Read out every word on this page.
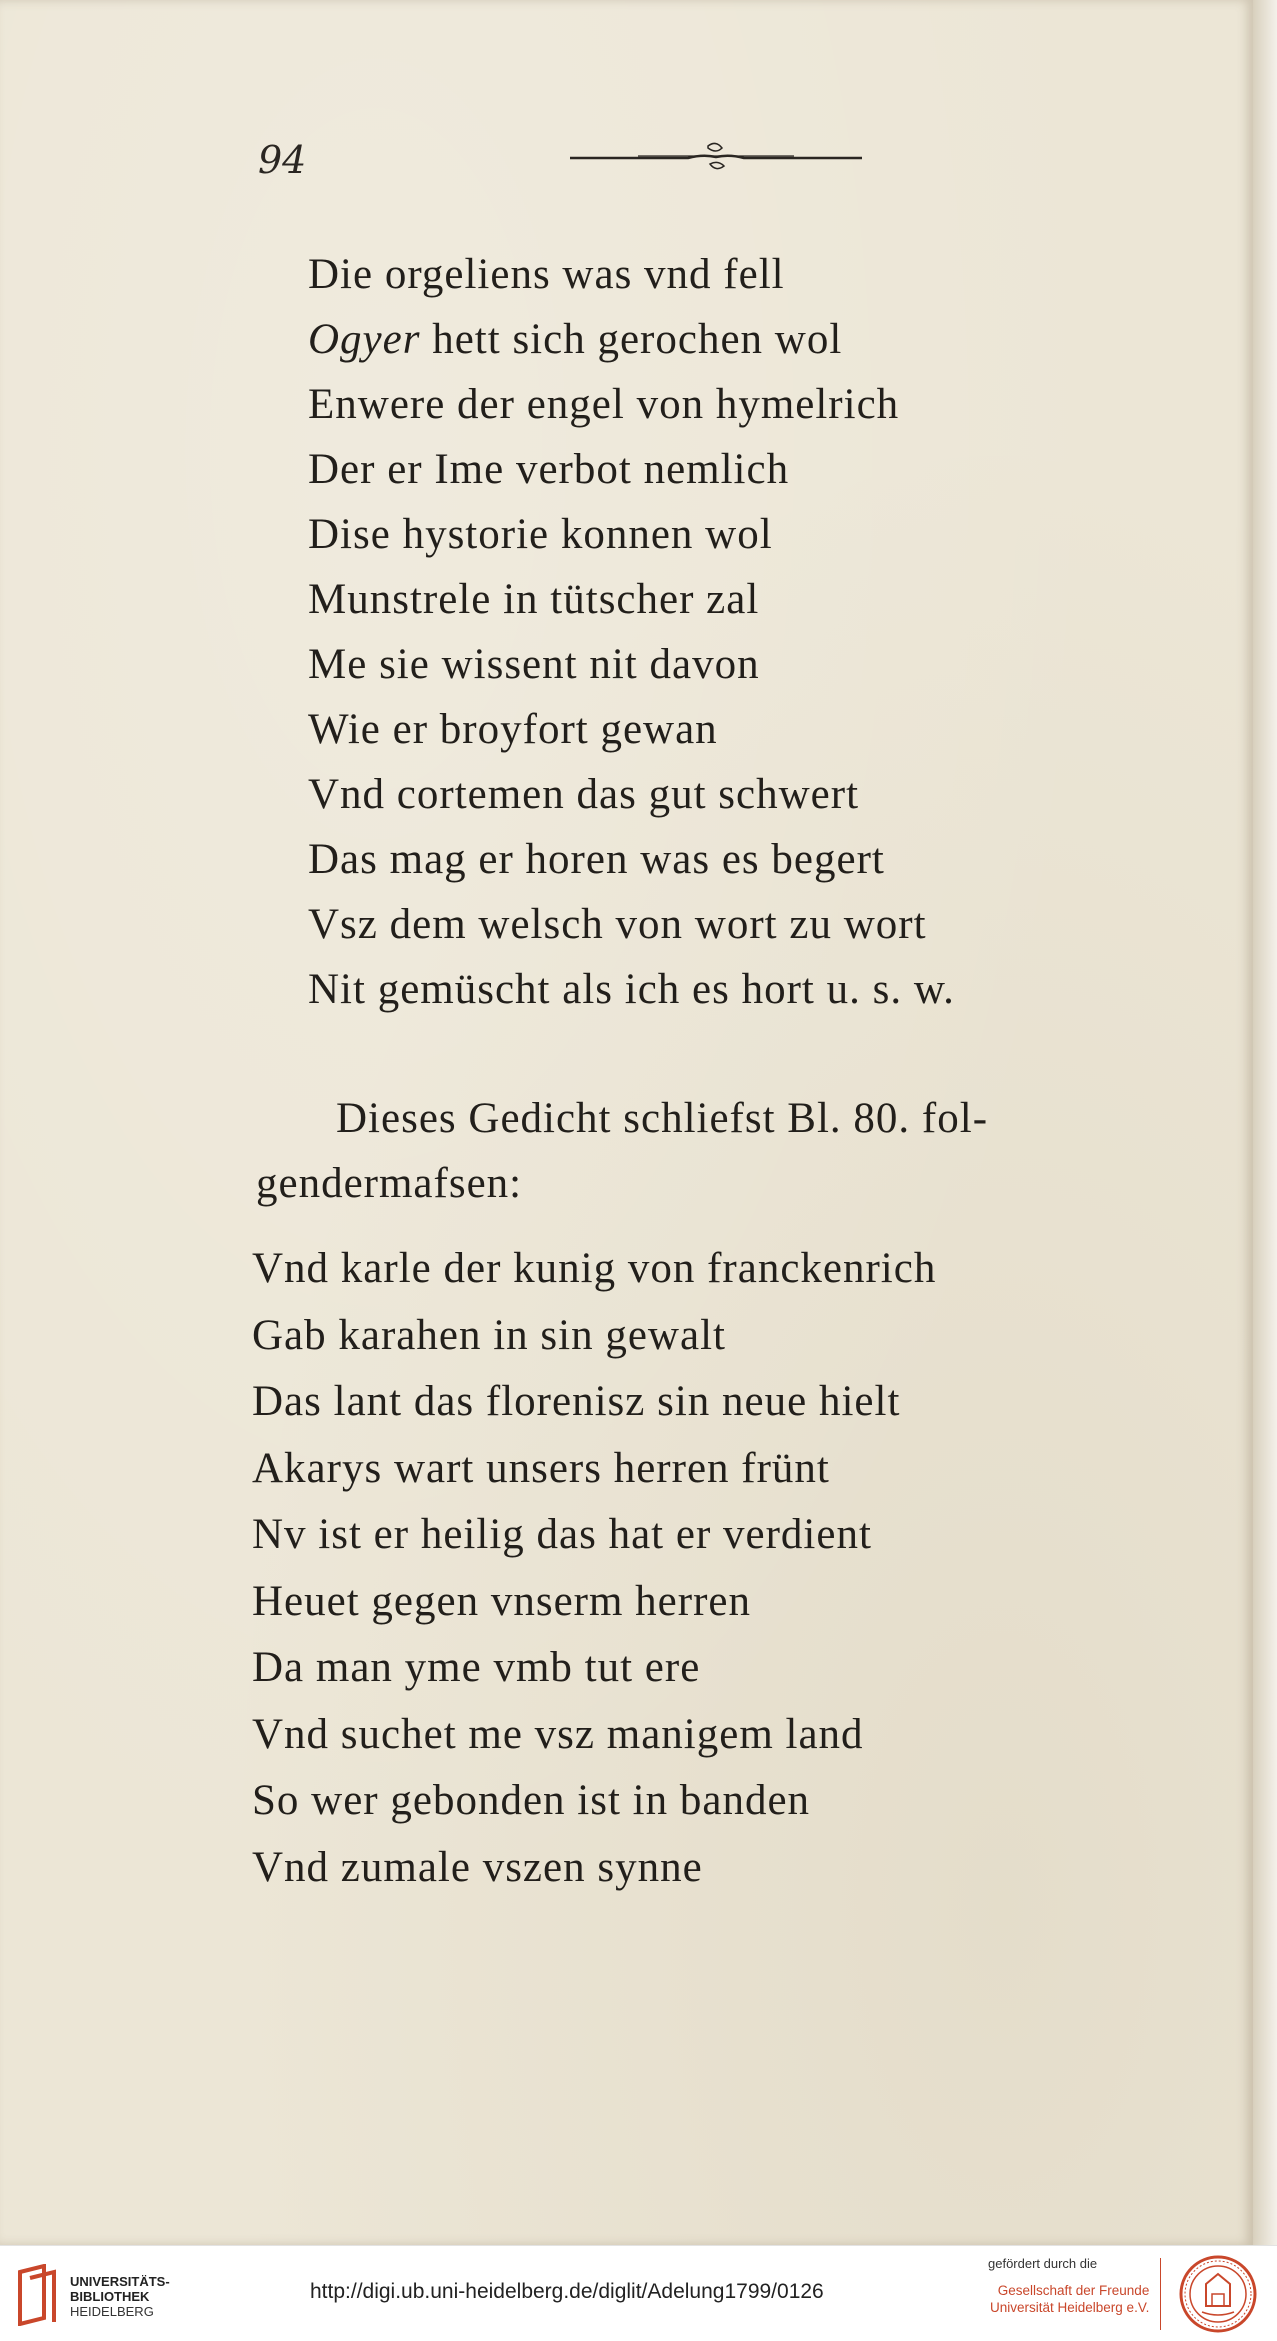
94
Die orgeliens was vnd fell
Ogyer hett sich gerochen wol
Enwere der engel von hymelrich
Der er Ime verbot nemlich
Dise hystorie konnen wol
Munstrele in tütscher zal
Me sie wissent nit davon
Wie er broyfort gewan
Vnd cortemen das gut schwert
Das mag er horen was es begert
Vsz dem welsch von wort zu wort
Nit gemüscht als ich es hort u. s. w.
Dieses Gedicht schliefst Bl. 80. fol-
gendermafsen:
Vnd karle der kunig von franckenrich
Gab karahen in sin gewalt
Das lant das florenisz sin neue hielt
Akarys wart unsers herren frünt
Nv ist er heilig das hat er verdient
Heuet gegen vnserm herren
Da man yme vmb tut ere
Vnd suchet me vsz manigem land
So wer gebonden ist in banden
Vnd zumale vszen synne
UNIVERSITÄTS-
BIBLIOTHEK
HEIDELBERG
http://digi.ub.uni-heidelberg.de/diglit/Adelung1799/0126
gefördert durch die
Gesellschaft der Freunde
Universität Heidelberg e.V.
